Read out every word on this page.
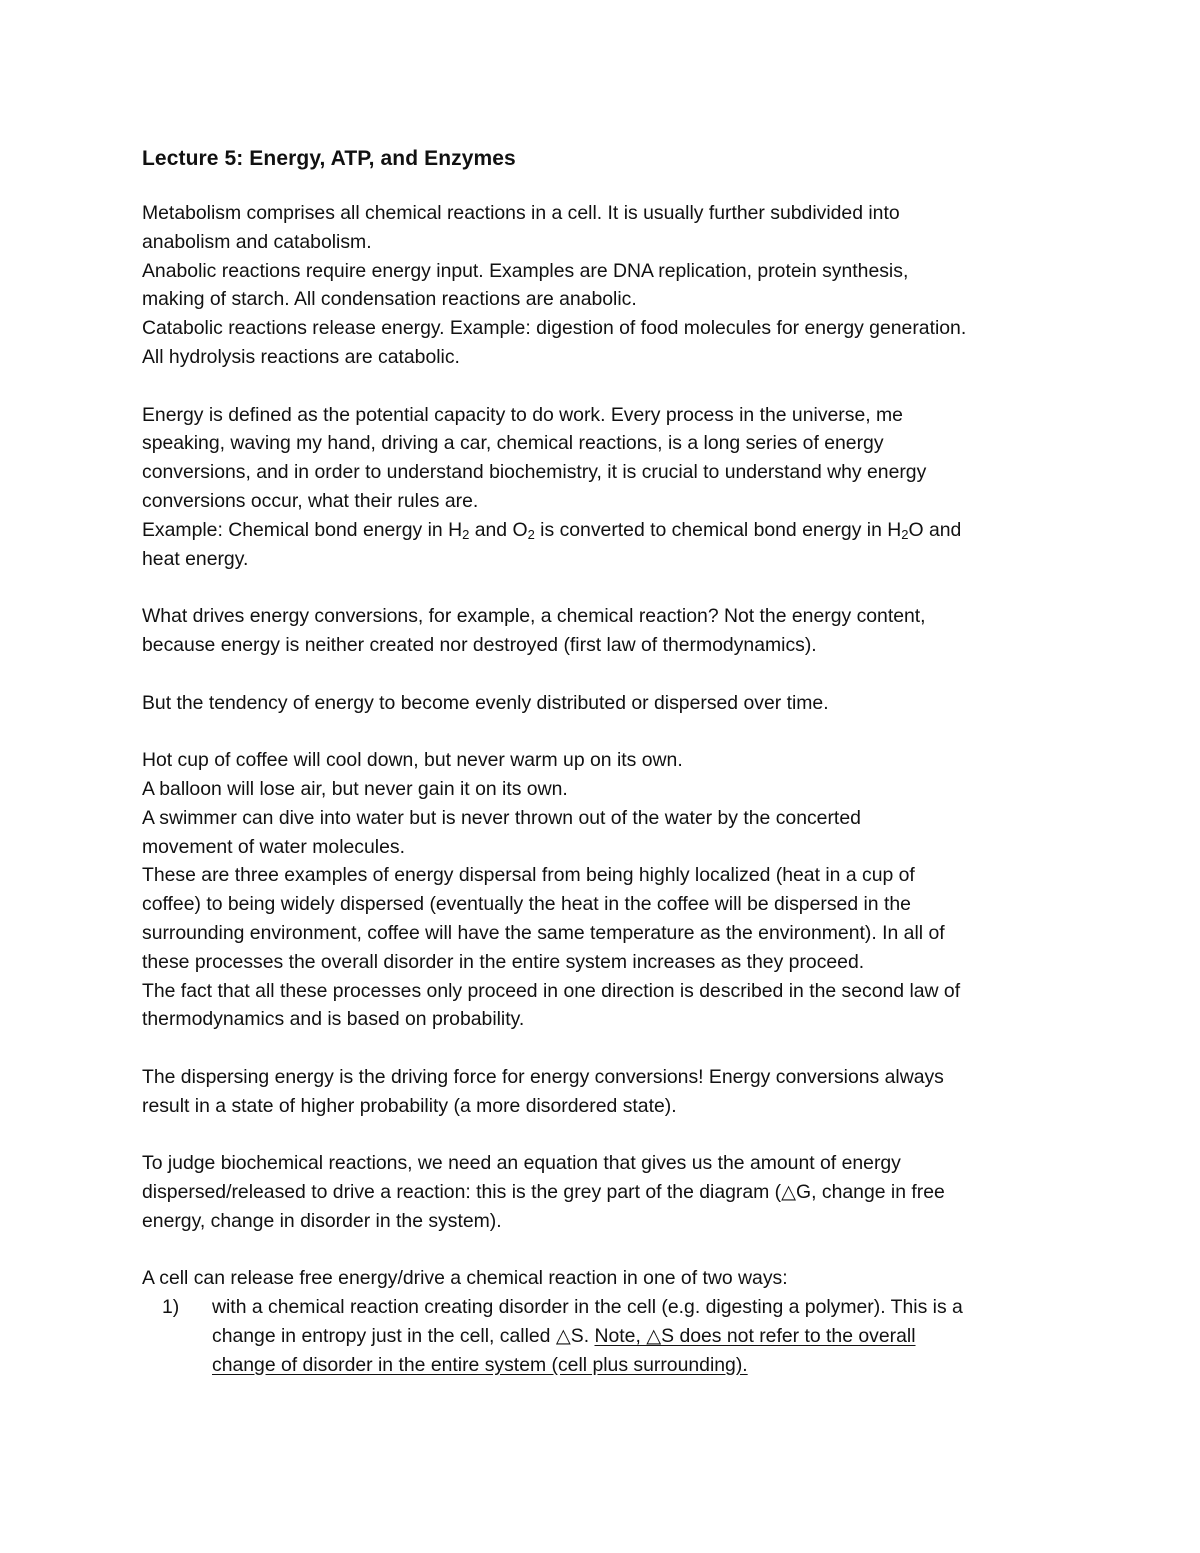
Lecture 5: Energy, ATP, and Enzymes

Metabolism comprises all chemical reactions in a cell. It is usually further subdivided into
anabolism and catabolism.

Anabolic reactions require energy input. Examples are DNA replication, protein synthesis,
making of starch. All condensation reactions are anabolic.

Catabolic reactions release energy. Example: digestion of food molecules for energy generation.
All hydrolysis reactions are catabolic.

Energy is defined as the potential capacity to do work. Every process in the universe, me
speaking, waving my hand, driving a car, chemical reactions, is a long series of energy
conversions, and in order to understand biochemistry, it is crucial to understand why energy
conversions occur, what their rules are.

Example: Chemical bond energy in $H_2$ and $O_2$ is converted to chemical bond energy in $H_2O$ and
heat energy.

What drives energy conversions, for example, a chemical reaction? Not the energy content,
because energy is neither created nor destroyed (first law of thermodynamics).

But the tendency of energy to become evenly distributed or dispersed over time.

Hot cup of coffee will cool down, but never warm up on its own.

A balloon will lose air, but never gain it on its own.

A swimmer can dive into water but is never thrown out of the water by the concerted
movement of water molecules.

These are three examples of energy dispersal from being highly localized (heat in a cup of
coffee) to being widely dispersed (eventually the heat in the coffee will be dispersed in the
surrounding environment, coffee will have the same temperature as the environment). In all of
these processes the overall disorder in the entire system increases as they proceed.

The fact that all these processes only proceed in one direction is described in the second law of
thermodynamics and is based on probability.

The dispersing energy is the driving force for energy conversions! Energy conversions always
result in a state of higher probability (a more disordered state).

To judge biochemical reactions, we need an equation that gives us the amount of energy
dispersed/released to drive a reaction: this is the grey part of the diagram (△G, change in free
energy, change in disorder in the system).

A cell can release free energy/drive a chemical reaction in one of two ways:

1) with a chemical reaction creating disorder in the cell (e.g. digesting a polymer). This is a
change in entropy just in the cell, called △S. Note, △S does not refer to the overall
change of disorder in the entire system (cell plus surrounding).
